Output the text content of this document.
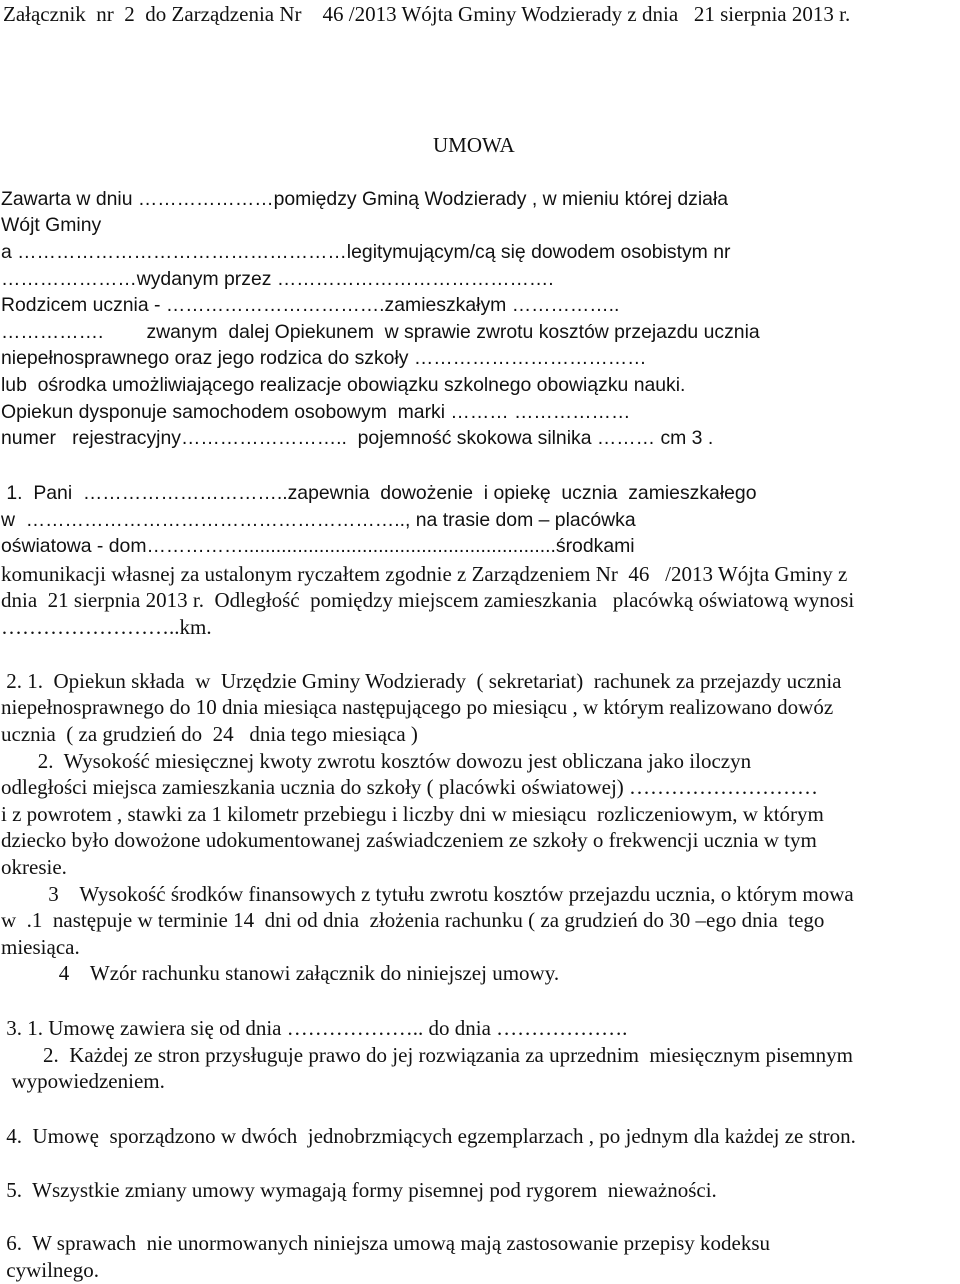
Załącznik  nr  2  do Zarządzenia Nr    46 /2013 Wójta Gminy Wodzierady z dnia   21 sierpnia 2013 r.
UMOWA
Zawarta w dniu …………………pomiędzy Gminą Wodzierady , w mieniu której działa
Wójt Gminy
a ……………………………………………legitymującym/cą się dowodem osobistym nr
…………………wydanym przez …………………………………….
Rodzicem ucznia - …………………………….zamieszkałym ……………..
…………….        zwanym  dalej Opiekunem  w sprawie zwrotu kosztów przejazdu ucznia
niepełnosprawnego oraz jego rodzica do szkoły ………………………………
lub  ośrodka umożliwiającego realizacje obowiązku szkolnego obowiązku nauki.
Opiekun dysponuje samochodem osobowym  marki ……… ………………
numer   rejestracyjny……………………..  pojemność skokowa silnika ……… cm 3 .
1.  Pani  …………………………..zapewnia  dowożenie  i opiekę  ucznia  zamieszkałego
w  ………………………………………………….., na trasie dom – placówka
oświatowa - dom……………..........................................................środkami
komunikacji własnej za ustalonym ryczałtem zgodnie z Zarządzeniem Nr  46   /2013 Wójta Gminy z
dnia  21 sierpnia 2013 r.  Odległość  pomiędzy miejscem zamieszkania   placówką oświatową wynosi
……………………..km.
2. 1.  Opiekun składa  w  Urzędzie Gminy Wodzierady  ( sekretariat)  rachunek za przejazdy ucznia
niepełnosprawnego do 10 dnia miesiąca następującego po miesiącu , w którym realizowano dowóz
ucznia  ( za grudzień do  24   dnia tego miesiąca )
2.  Wysokość miesięcznej kwoty zwrotu kosztów dowozu jest obliczana jako iloczyn
odległości miejsca zamieszkania ucznia do szkoły ( placówki oświatowej) ………………………
i z powrotem , stawki za 1 kilometr przebiegu i liczby dni w miesiącu  rozliczeniowym, w którym
dziecko było dowożone udokumentowanej zaświadczeniem ze szkoły o frekwencji ucznia w tym
okresie.
3    Wysokość środków finansowych z tytułu zwrotu kosztów przejazdu ucznia, o którym mowa
w  .1  następuje w terminie 14  dni od dnia  złożenia rachunku ( za grudzień do 30 –ego dnia  tego
miesiąca.
4    Wzór rachunku stanowi załącznik do niniejszej umowy.
3. 1. Umowę zawiera się od dnia ……………….. do dnia ……………….
2.  Każdej ze stron przysługuje prawo do jej rozwiązania za uprzednim  miesięcznym pisemnym
wypowiedzeniem.
4.  Umowę  sporządzono w dwóch  jednobrzmiących egzemplarzach , po jednym dla każdej ze stron.
5.  Wszystkie zmiany umowy wymagają formy pisemnej pod rygorem  nieważności.
6.  W sprawach  nie unormowanych niniejsza umową mają zastosowanie przepisy kodeksu
cywilnego.
